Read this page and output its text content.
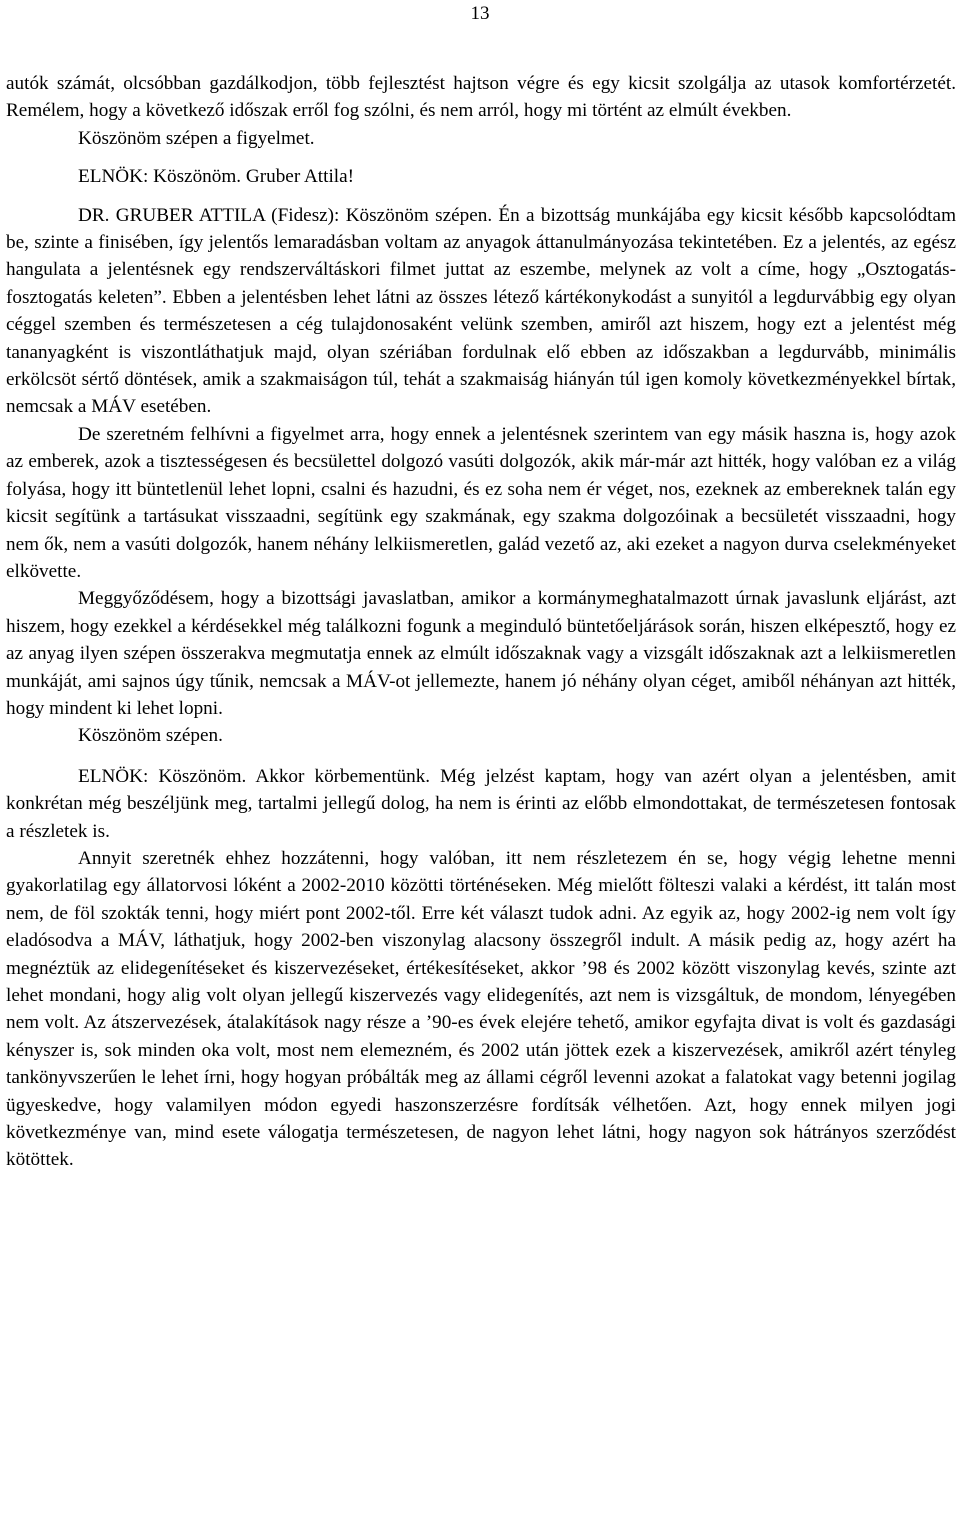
13

autók számát, olcsóbban gazdálkodjon, több fejlesztést hajtson végre és egy kicsit szolgálja az utasok komfortérzetét. Remélem, hogy a következő időszak erről fog szólni, és nem arról, hogy mi történt az elmúlt években.

Köszönöm szépen a figyelmet.

ELNÖK: Köszönöm. Gruber Attila!

DR. GRUBER ATTILA (Fidesz): Köszönöm szépen. Én a bizottság munkájába egy kicsit később kapcsolódtam be, szinte a finisében, így jelentős lemaradásban voltam az anyagok áttanulmányozása tekintetében. Ez a jelentés, az egész hangulata a jelentésnek egy rendszerváltáskori filmet juttat az eszembe, melynek az volt a címe, hogy „Osztogatás-fosztogatás keleten”. Ebben a jelentésben lehet látni az összes létező kártékonykodást a sunyitól a legdurvábbig egy olyan céggel szemben és természetesen a cég tulajdonosaként velünk szemben, amiről azt hiszem, hogy ezt a jelentést még tananyagként is viszontláthatjuk majd, olyan szériában fordulnak elő ebben az időszakban a legdurvább, minimális erkölcsöt sértő döntések, amik a szakmaiságon túl, tehát a szakmaiság hiányán túl igen komoly következményekkel bírtak, nemcsak a MÁV esetében.

De szeretném felhívni a figyelmet arra, hogy ennek a jelentésnek szerintem van egy másik haszna is, hogy azok az emberek, azok a tisztességesen és becsülettel dolgozó vasúti dolgozók, akik már-már azt hitték, hogy valóban ez a világ folyása, hogy itt büntetlenül lehet lopni, csalni és hazudni, és ez soha nem ér véget, nos, ezeknek az embereknek talán egy kicsit segítünk a tartásukat visszaadni, segítünk egy szakmának, egy szakma dolgozóinak a becsületét visszaadni, hogy nem ők, nem a vasúti dolgozók, hanem néhány lelkiismeretlen, galád vezető az, aki ezeket a nagyon durva cselekményeket elkövette.

Meggyőződésem, hogy a bizottsági javaslatban, amikor a kormánymeghatalmazott úrnak javaslunk eljárást, azt hiszem, hogy ezekkel a kérdésekkel még találkozni fogunk a meginduló büntetőeljárások során, hiszen elképesztő, hogy ez az anyag ilyen szépen összerakva megmutatja ennek az elmúlt időszaknak vagy a vizsgált időszaknak azt a lelkiismeretlen munkáját, ami sajnos úgy tűnik, nemcsak a MÁV-ot jellemezte, hanem jó néhány olyan céget, amiből néhányan azt hitték, hogy mindent ki lehet lopni.

Köszönöm szépen.

ELNÖK: Köszönöm. Akkor körbementünk. Még jelzést kaptam, hogy van azért olyan a jelentésben, amit konkrétan még beszéljünk meg, tartalmi jellegű dolog, ha nem is érinti az előbb elmondottakat, de természetesen fontosak a részletek is.

Annyit szeretnék ehhez hozzátenni, hogy valóban, itt nem részletezem én se, hogy végig lehetne menni gyakorlatilag egy állatorvosi lóként a 2002-2010 közötti történéseken. Még mielőtt fölteszi valaki a kérdést, itt talán most nem, de föl szokták tenni, hogy miért pont 2002-től. Erre két választ tudok adni. Az egyik az, hogy 2002-ig nem volt így eladósodva a MÁV, láthatjuk, hogy 2002-ben viszonylag alacsony összegről indult. A másik pedig az, hogy azért ha megnéztük az elidegenítéseket és kiszervezéseket, értékesítéseket, akkor ’98 és 2002 között viszonylag kevés, szinte azt lehet mondani, hogy alig volt olyan jellegű kiszervezés vagy elidegenítés, azt nem is vizsgáltuk, de mondom, lényegében nem volt. Az átszervezések, átalakítások nagy része a ’90-es évek elejére tehető, amikor egyfajta divat is volt és gazdasági kényszer is, sok minden oka volt, most nem elemezném, és 2002 után jöttek ezek a kiszervezések, amikről azért tényleg tankönyvszerűen le lehet írni, hogy hogyan próbálták meg az állami cégről levenni azokat a falatokat vagy betenni jogilag ügyeskedve, hogy valamilyen módon egyedi haszonszerzésre fordítsák vélhetően. Azt, hogy ennek milyen jogi következménye van, mind esete válogatja természetesen, de nagyon lehet látni, hogy nagyon sok hátrányos szerződést kötöttek.
